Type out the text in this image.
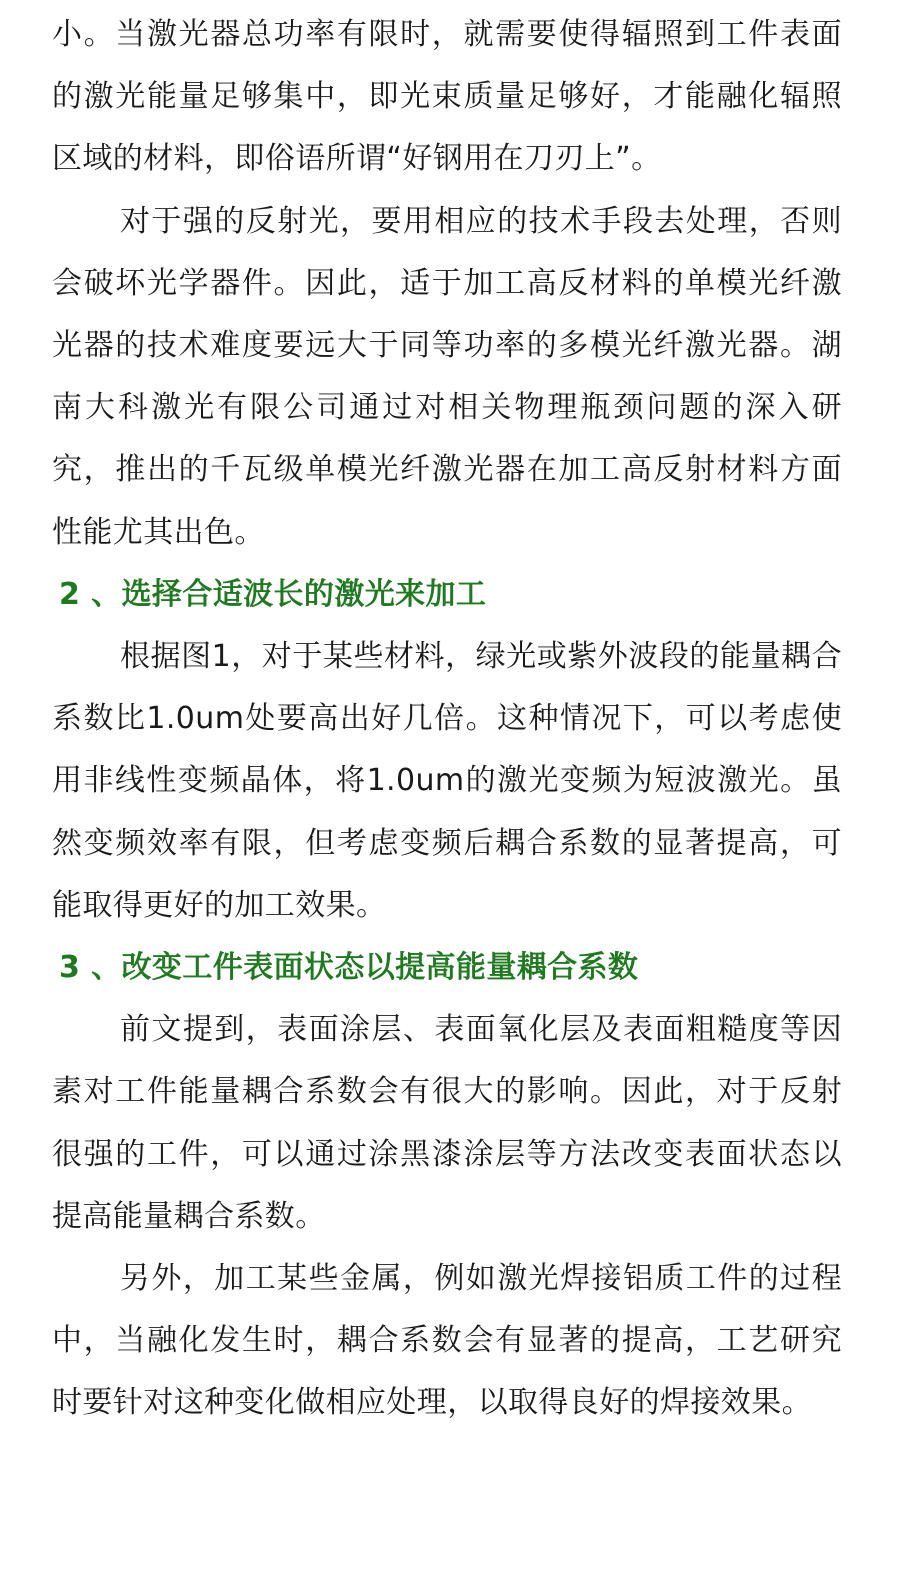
小。当激光器总功率有限时，就需要使得辐照到工件表面的激光能量足够集中，即光束质量足够好，才能融化辐照区域的材料，即俗语所谓“好钢用在刀刃上”。

对于强的反射光，要用相应的技术手段去处理，否则会破坏光学器件。因此，适于加工高反材料的单模光纤激光器的技术难度要远大于同等功率的多模光纤激光器。湖南大科激光有限公司通过对相关物理瓶颈问题的深入研究，推出的千瓦级单模光纤激光器在加工高反射材料方面性能尤其出色。

2 、选择合适波长的激光来加工

根据图1，对于某些材料，绿光或紫外波段的能量耦合系数比1.0um处要高出好几倍。这种情况下，可以考虑使用非线性变频晶体，将1.0um的激光变频为短波激光。虽然变频效率有限，但考虑变频后耦合系数的显著提高，可能取得更好的加工效果。

3 、改变工件表面状态以提高能量耦合系数

前文提到，表面涂层、表面氧化层及表面粗糙度等因素对工件能量耦合系数会有很大的影响。因此，对于反射很强的工件，可以通过涂黑漆涂层等方法改变表面状态以提高能量耦合系数。

另外，加工某些金属，例如激光焊接铝质工件的过程中，当融化发生时，耦合系数会有显著的提高，工艺研究时要针对这种变化做相应处理，以取得良好的焊接效果。
